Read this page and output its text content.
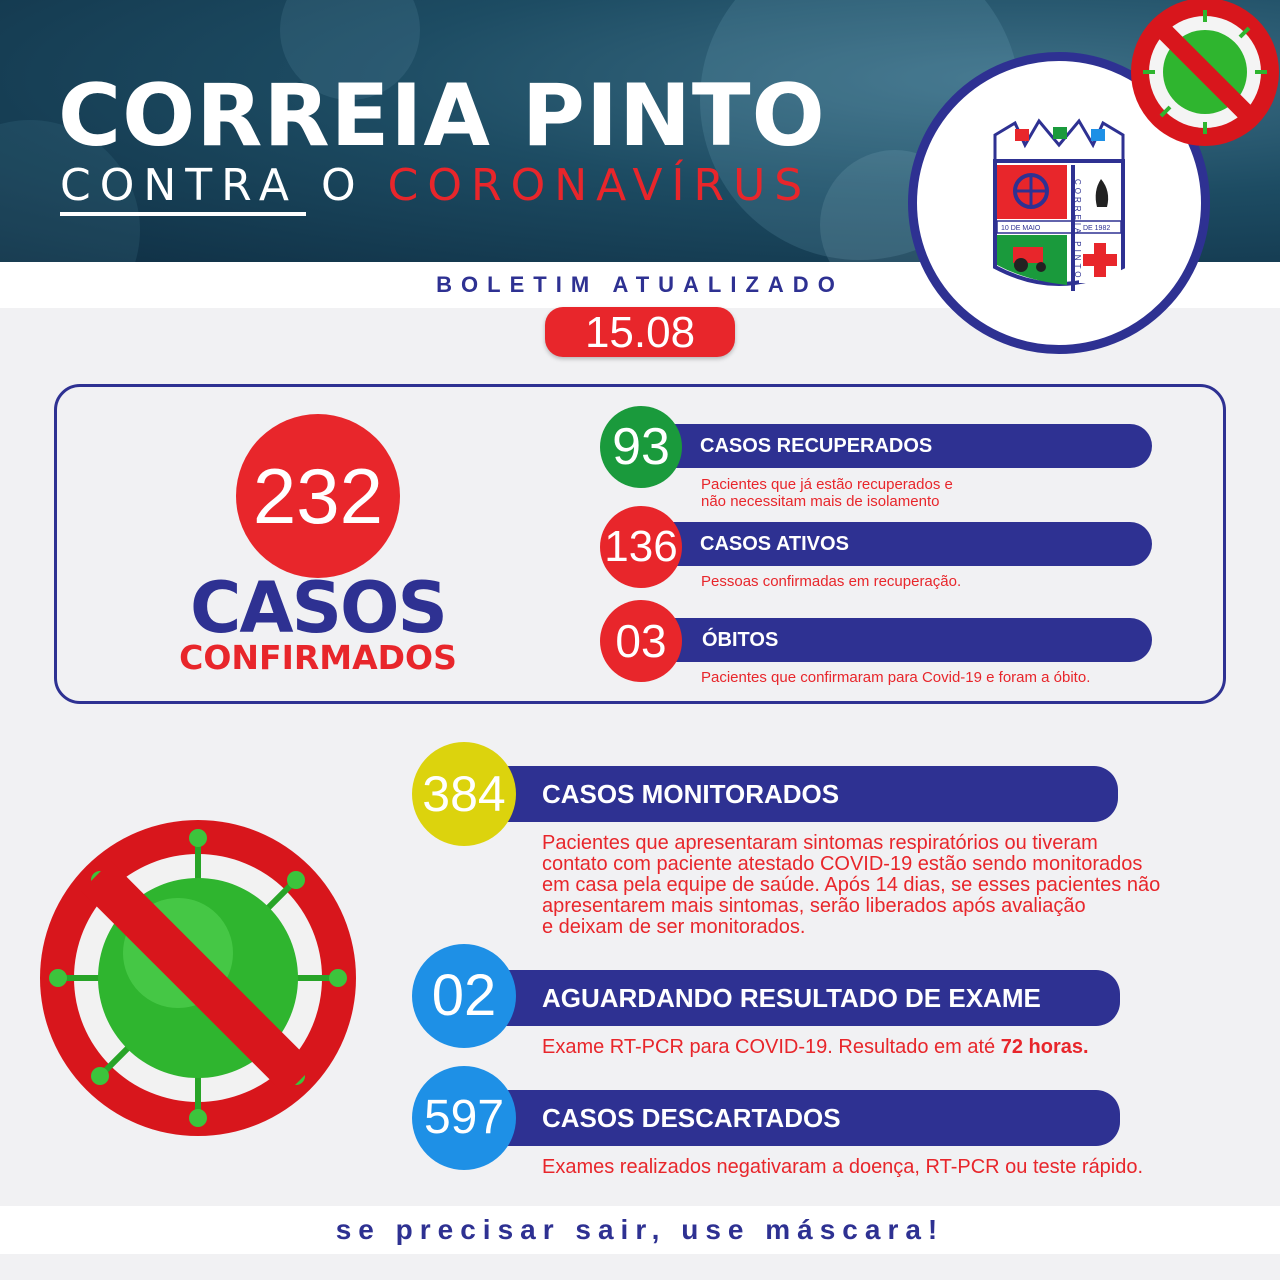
CORREIA PINTO
CONTRA O CORONAVÍRUS
BOLETIM ATUALIZADO
15.08
10 DE MAIO	DE 1982
CORREIA PINTO
232
CASOS
CONFIRMADOS
CASOS RECUPERADOS
93
Pacientes que já estão recuperados e
não necessitam mais de isolamento
CASOS ATIVOS
136
Pessoas confirmadas em recuperação.
ÓBITOS
03
Pacientes que confirmaram para Covid-19 e foram a óbito.
CASOS MONITORADOS
384
Pacientes que apresentaram sintomas respiratórios ou tiveram
contato com paciente atestado COVID-19 estão sendo monitorados
em casa pela equipe de saúde. Após 14 dias, se esses pacientes não
apresentarem mais sintomas, serão liberados após avaliação
e deixam de ser monitorados.
AGUARDANDO RESULTADO DE EXAME
02
Exame RT-PCR para COVID-19. Resultado em até 72 horas.
CASOS DESCARTADOS
597
Exames realizados negativaram a doença, RT-PCR ou teste rápido.
se precisar sair, use máscara!
